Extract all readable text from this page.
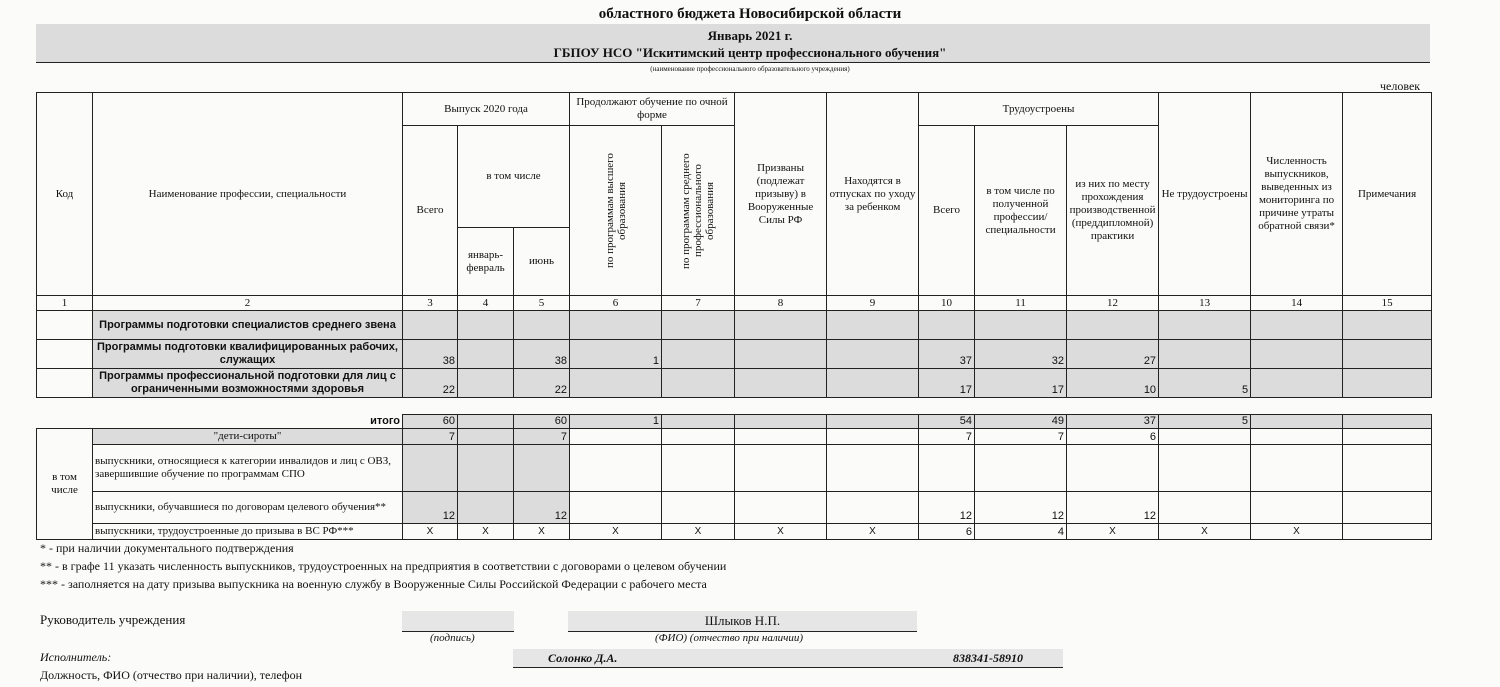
областного бюджета Новосибирской области
Январь 2021 г.
ГБПОУ НСО "Искитимский центр профессионального обучения"
(наименование профессионального образовательного учреждения)
человек
Код	Наименование профессии, специальности	Выпуск 2020 года			Продолжают обучение по очной форме		Призваны (подлежат призыву) в Вооруженные Силы РФ	Находятся в отпусках по уходу за ребенком	Трудоустроены			Не трудоустроены	Численность выпускников, выведенных из мониторинга по причине утраты обратной связи*	Примечания	
		Всего	в том числе		по программам высшего образования	по программам среднего профессионального образования			Всего	в том числе по полученной профессии/ специальности	из них по месту прохождения производственной (преддипломной) практики				
			январь-февраль	июнь											
1	2	3	4	5	6	7	8	9	10	11	12	13	14	15	
	Программы подготовки специалистов среднего звена														
	Программы подготовки квалифицированных рабочих, служащих	38		38	1				37	32	27				
	Программы профессиональной подготовки для лиц с ограниченными возможностями здоровья	22		22					17	17	10	5			
	итого	60		60	1				54	49	37	5			
в том числе	"дети-сироты"	7		7					7	7	6				
	выпускники, относящиеся к категории инвалидов и лиц с ОВЗ, завершившие обучение по программам СПО														
	выпускники, обучавшиеся по договорам целевого обучения**	12		12					12	12	12				
	выпускники, трудоустроенные до призыва в ВС РФ***	X	X	X	X	X	X	X	6	4	X	X	X		
* - при наличии документального подтверждения
** - в графе 11 указать численность выпускников, трудоустроенных на предприятия в соответствии с договорами о целевом обучении
*** - заполняется на дату призыва выпускника на военную службу в Вооруженные Силы Российской Федерации с рабочего места
Руководитель учреждения	Шлыков Н.П.
(подпись)	(ФИО) (отчество при наличии)
Исполнитель:	Солонко Д.А.	838341-58910
Должность, ФИО (отчество при наличии), телефон
